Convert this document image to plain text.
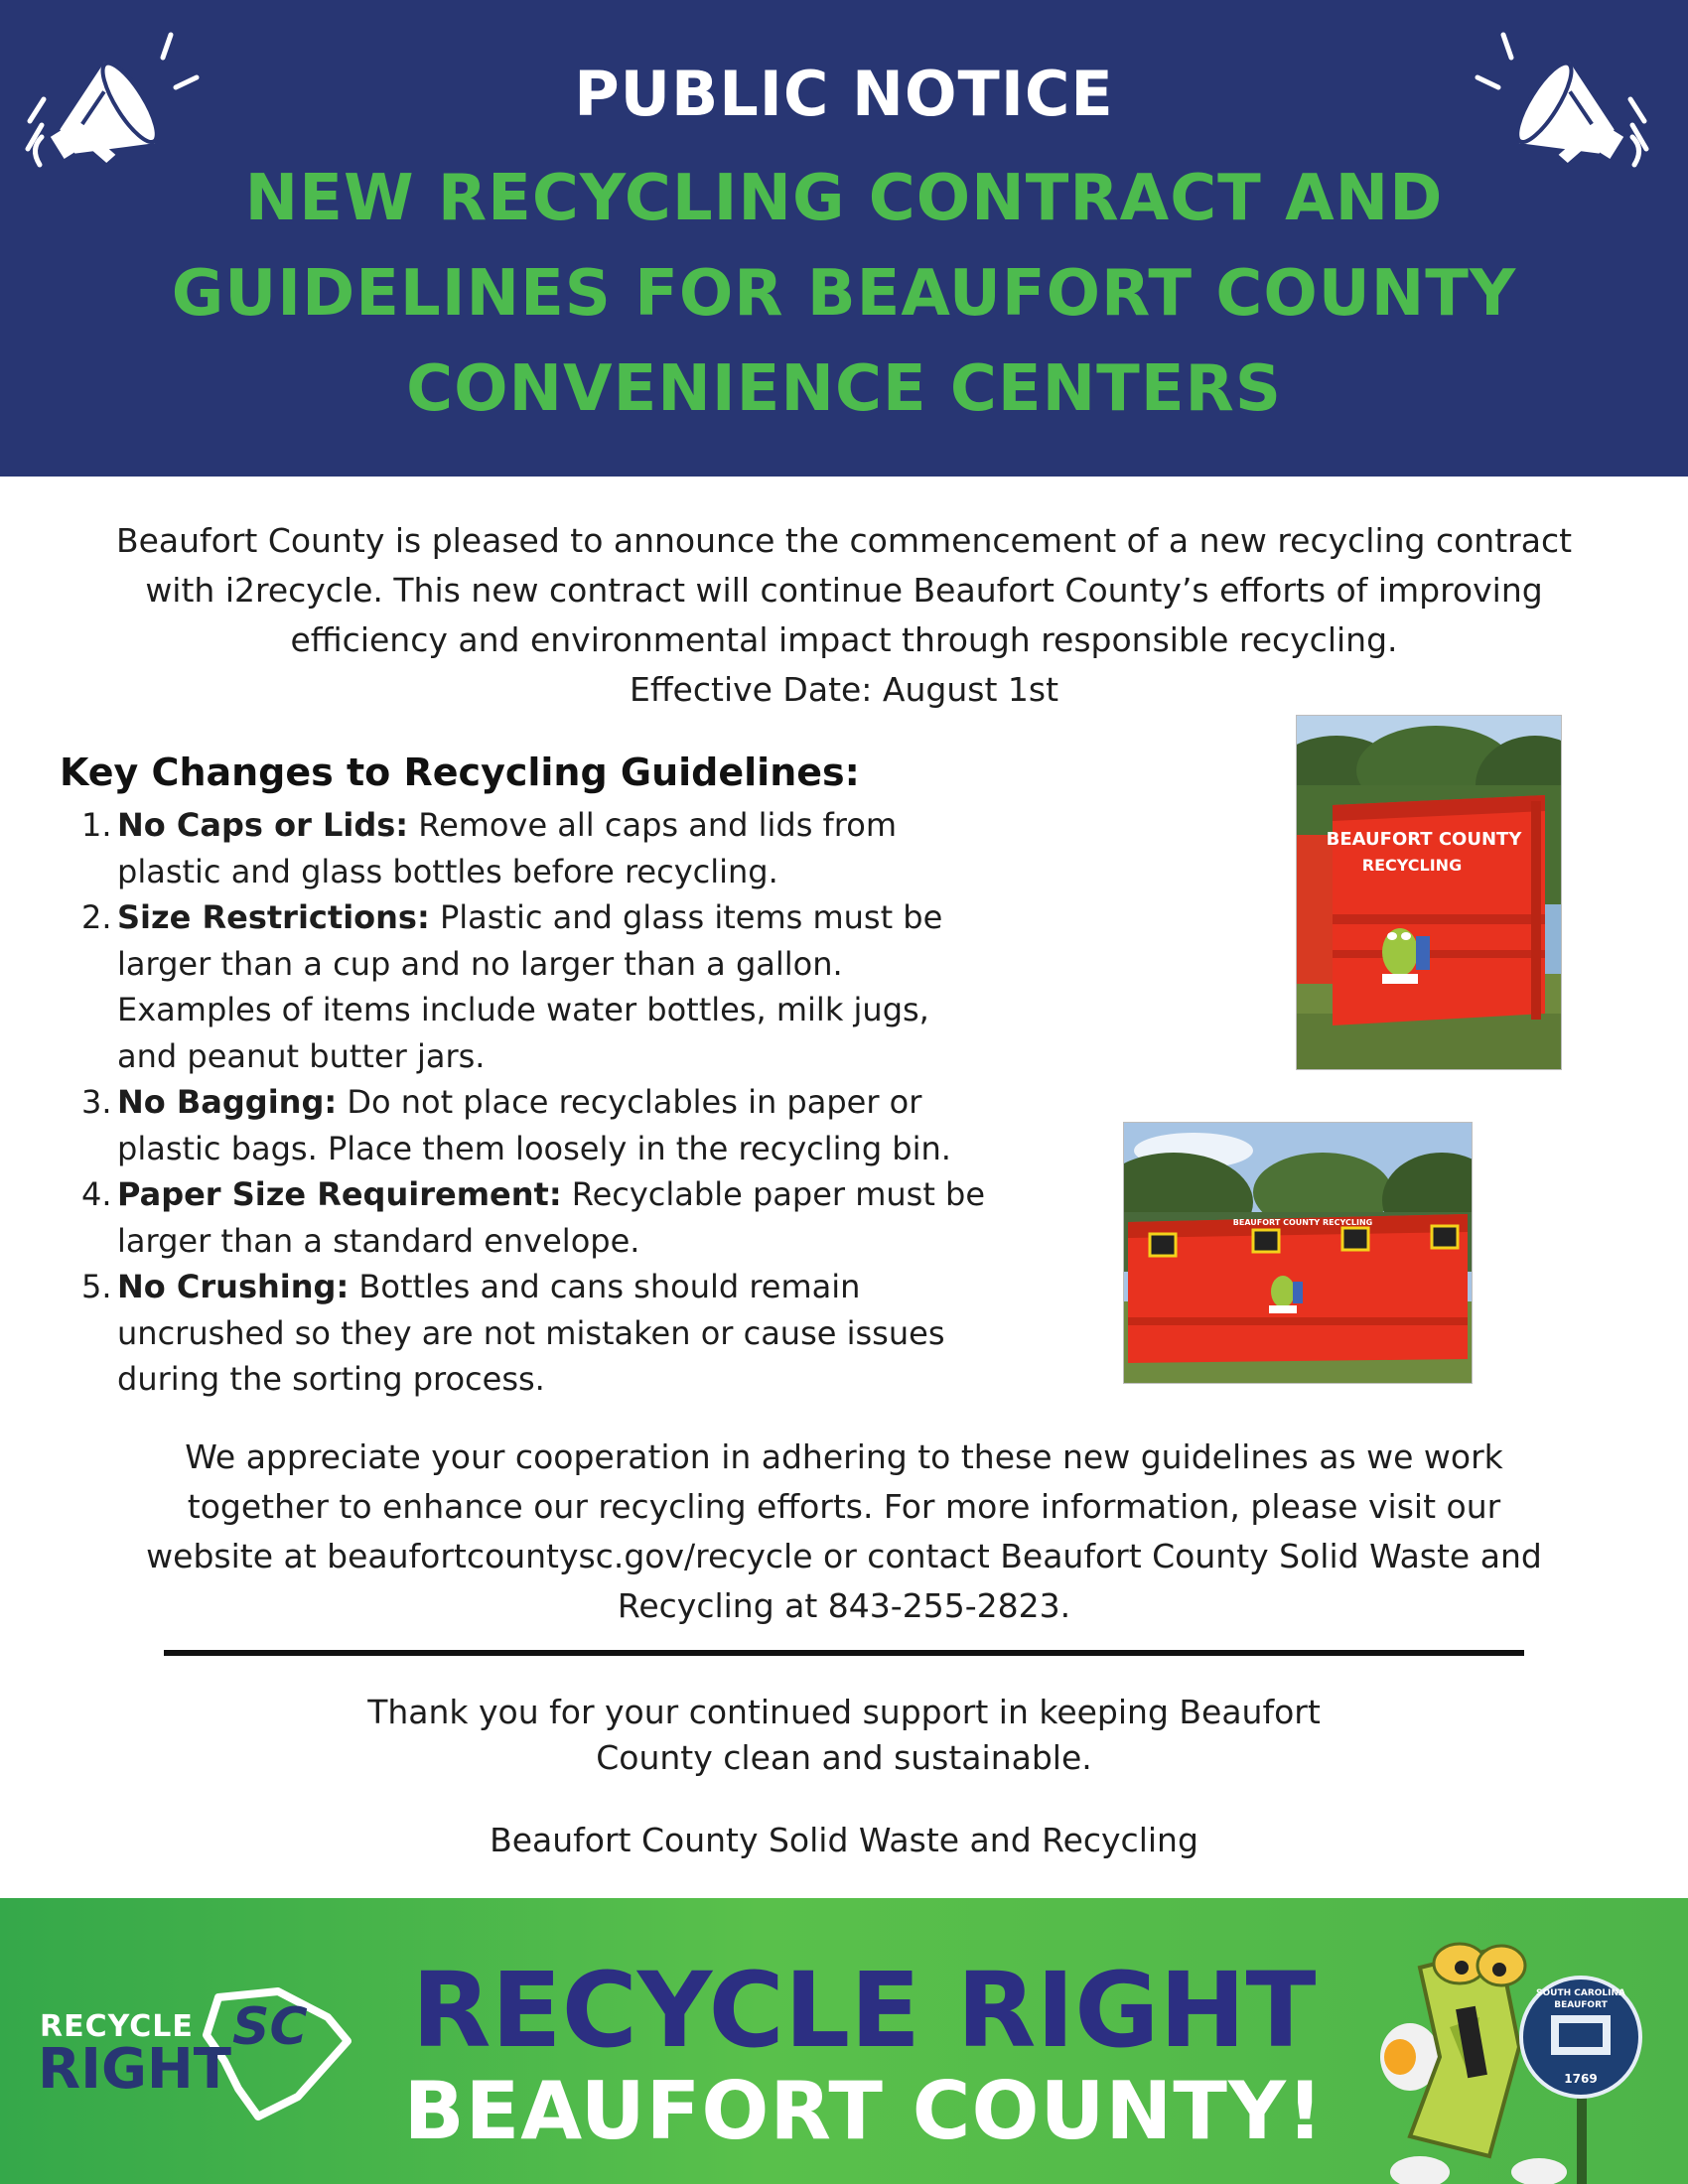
PUBLIC NOTICE
NEW RECYCLING CONTRACT AND
GUIDELINES FOR BEAUFORT COUNTY
CONVENIENCE CENTERS

Beaufort County is pleased to announce the commencement of a new recycling contract

with i2recycle. This new contract will continue Beaufort County’s efforts of improving

efficiency and environmental impact through responsible recycling.

Effective Date: August 1st

Key Changes to Recycling Guidelines:
1. No Caps or Lids: Remove all caps and lids from
plastic and glass bottles before recycling.
2. Size Restrictions: Plastic and glass items must be
larger than a cup and no larger than a gallon.
Examples of items include water bottles, milk jugs,
and peanut butter jars.
3. No Bagging: Do not place recyclables in paper or
plastic bags. Place them loosely in the recycling bin.
4. Paper Size Requirement: Recyclable paper must be
larger than a standard envelope.
5. No Crushing: Bottles and cans should remain
uncrushed so they are not mistaken or cause issues
during the sorting process.
BEAUFORT COUNTY
RECYCLING
BEAUFORT COUNTY RECYCLING

We appreciate your cooperation in adhering to these new guidelines as we work

together to enhance our recycling efforts. For more information, please visit our

website at beaufortcountysc.gov/recycle or contact Beaufort County Solid Waste and

Recycling at 843-255-2823.

Thank you for your continued support in keeping Beaufort
County clean and sustainable.
Beaufort County Solid Waste and Recycling
RECYCLE
RIGHT
SC RECYCLE RIGHT
BEAUFORT COUNTY!	1769
SOUTH CAROLINA
BEAUFORT
